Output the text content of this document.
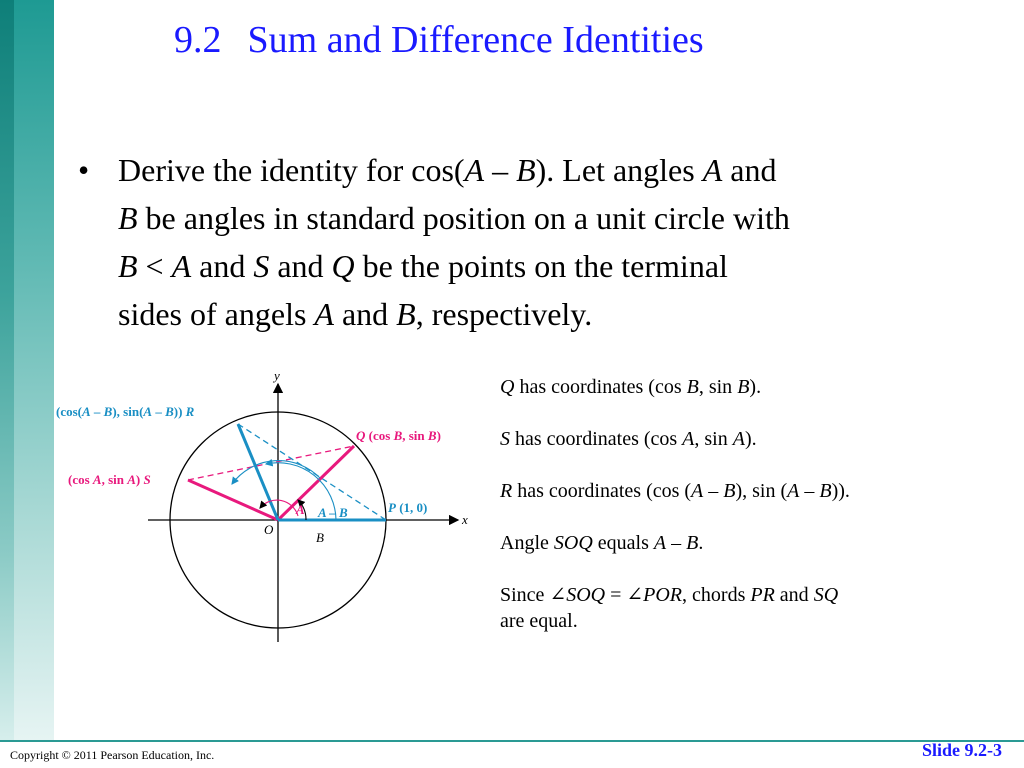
9.2 Sum and Difference Identities
• Derive the identity for cos(A – B). Let angles A and
B be angles in standard position on a unit circle with
B < A and S and Q be the points on the terminal
sides of angels A and B, respectively.
y
x
O
A A – B
B
(cos(A – B), sin(A – B)) R
Q (cos B, sin B)
(cos A, sin A) S
P (1, 0)
Q has coordinates (cos B, sin B).
S has coordinates (cos A, sin A).
R has coordinates (cos (A – B), sin (A – B)).
Angle SOQ equals A – B.
Since ∠SOQ = ∠POR, chords PR and SQ
are equal.
Copyright © 2011 Pearson Education, Inc.	Slide 9.2-3
